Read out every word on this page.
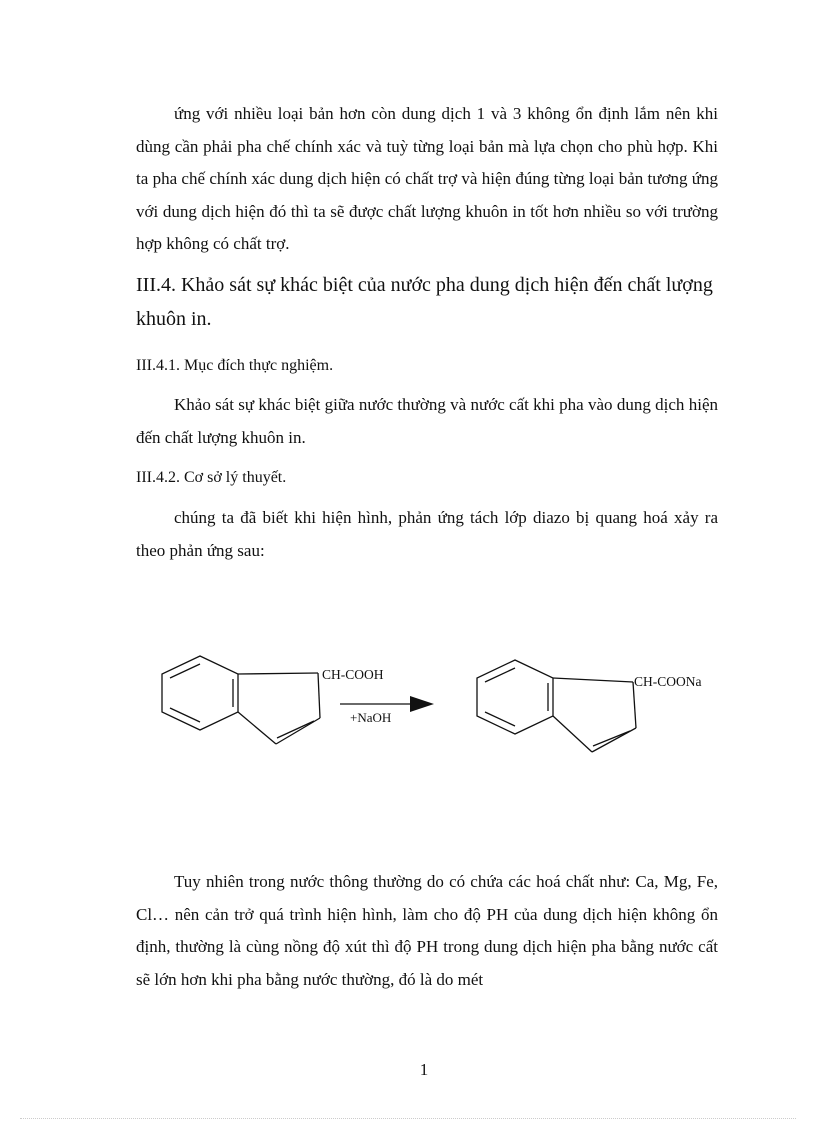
ứng với nhiều loại bản hơn còn dung dịch 1 và 3 không ổn định lắm nên khi dùng cần phải pha chế chính xác và tuỳ từng loại bản mà lựa chọn cho phù hợp. Khi ta pha chế chính xác dung dịch hiện có chất trợ và hiện đúng từng loại bản tương ứng với dung dịch hiện đó thì ta sẽ được chất lượng khuôn in tốt hơn nhiều so với trường hợp không có chất trợ.

III.4. Khảo sát sự khác biệt của nước pha dung dịch hiện đến chất lượng khuôn in.

III.4.1. Mục đích thực nghiệm.

Khảo sát sự khác biệt giữa nước thường và nước cất khi pha vào dung dịch hiện đến chất lượng khuôn in.

III.4.2. Cơ sở lý thuyết.

chúng ta đã biết khi hiện hình, phản ứng tách lớp diazo bị quang hoá xảy ra theo phản ứng sau:

CH-COOH
+NaOH
CH-COONa

Tuy nhiên trong nước thông thường do có chứa các hoá chất như: Ca, Mg, Fe, Cl… nên cản trở quá trình hiện hình, làm cho độ PH của dung dịch hiện không ổn định, thường là cùng nồng độ xút thì độ PH trong dung dịch hiện pha bằng nước cất sẽ lớn hơn khi pha bằng nước thường, đó là do mét

1
